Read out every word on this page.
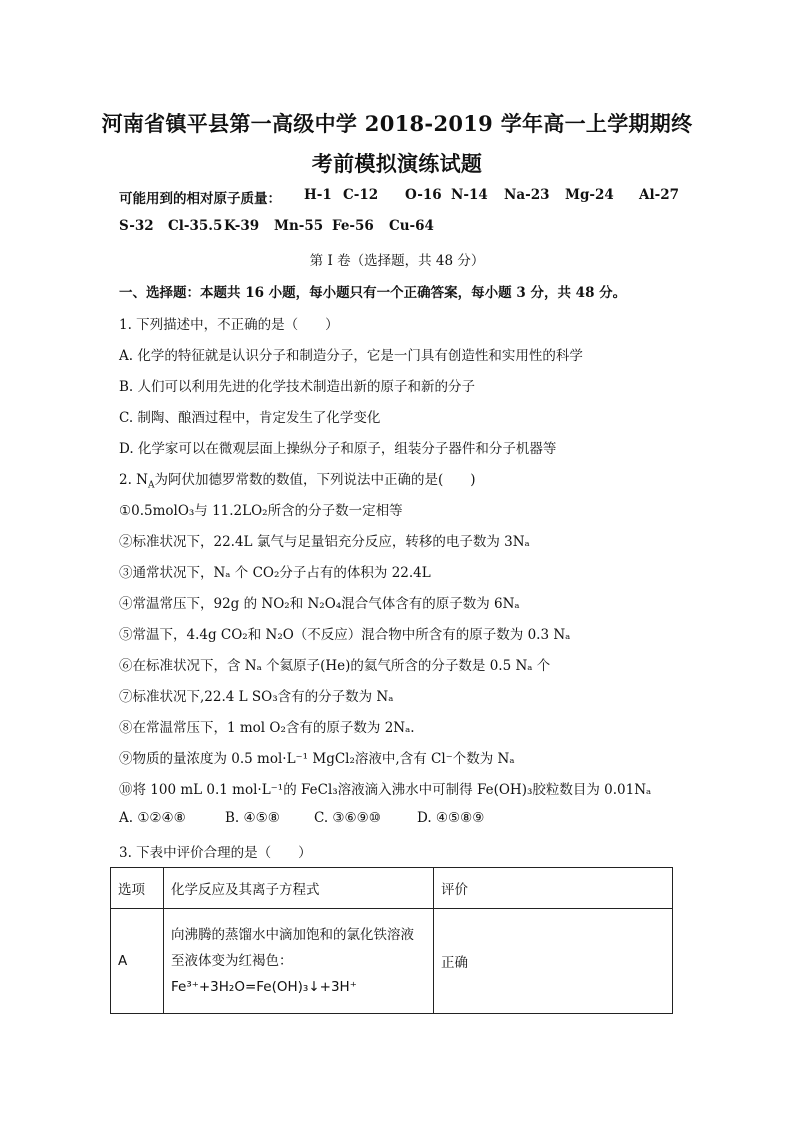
河南省镇平县第一高级中学 2018-2019 学年高一上学期期终
考前模拟演练试题
可能用到的相对原子质量： H-1 C-12 O-16 N-14 Na-23 Mg-24 Al-27
S-32 Cl-35.5 K-39 Mn-55 Fe-56 Cu-64
第 I 卷（选择题，共 48 分）
一、选择题：本题共 16 小题，每小题只有一个正确答案，每小题 3 分，共 48 分。
1. 下列描述中，不正确的是（　　）
A. 化学的特征就是认识分子和制造分子，它是一门具有创造性和实用性的科学
B. 人们可以利用先进的化学技术制造出新的原子和新的分子
C. 制陶、酿酒过程中，肯定发生了化学变化
D. 化学家可以在微观层面上操纵分子和原子，组装分子器件和分子机器等
2. $N_A$为阿伏加德罗常数的数值，下列说法中正确的是(　　)
①0.5molO₃与 11.2LO₂所含的分子数一定相等
②标准状况下，22.4L 氯气与足量铝充分反应，转移的电子数为 3Nₐ
③通常状况下，Nₐ 个 CO₂分子占有的体积为 22.4L
④常温常压下，92g 的 NO₂和 N₂O₄混合气体含有的原子数为 6Nₐ
⑤常温下，4.4g CO₂和 N₂O（不反应）混合物中所含有的原子数为 0.3 Nₐ
⑥在标准状况下，含 Nₐ 个氦原子(He)的氦气所含的分子数是 0.5 Nₐ 个
⑦标准状况下,22.4 L SO₃含有的分子数为 Nₐ
⑧在常温常压下，1 mol O₂含有的原子数为 2Nₐ.
⑨物质的量浓度为 0.5 mol·L⁻¹ MgCl₂溶液中,含有 Cl⁻个数为 Nₐ
⑩将 100 mL 0.1 mol·L⁻¹的 FeCl₃溶液滴入沸水中可制得 Fe(OH)₃胶粒数目为 0.01Nₐ
A. ①②④⑧	B. ④⑤⑧	C. ③⑥⑨⑩	D. ④⑤⑧⑨
3. 下表中评价合理的是（　　）
选项	化学反应及其离子方程式	评价
A	向沸腾的蒸馏水中滴加饱和的氯化铁溶液
至液体变为红褐色：
Fe³⁺+3H₂O=Fe(OH)₃↓+3H⁺	正确
